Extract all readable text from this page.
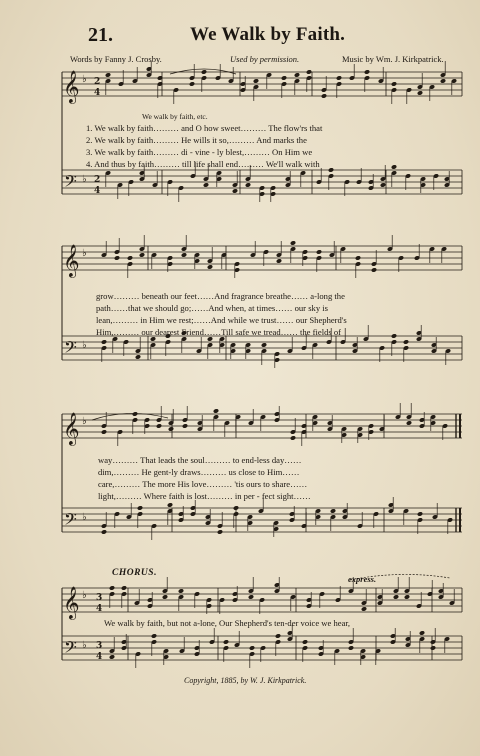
21.	We Walk by Faith.
Words by Fanny J. Crosby.	Used by permission.	Music by Wm. J. Kirkpatrick.
𝄞
𝄢
𝄞
𝄢
𝄞
𝄢
𝄞
𝄢
♭
♭
♭
♭
♭
♭
♭
♭
2
4
2
4
3
4
3
4
We walk by faith, etc.
1. We walk by faith……… and O how sweet……… The flow'rs that
2. We walk by faith……… He wills it so,……… And marks the
3. We walk by faith……… di - vine - ly blest,……… On Him we
4. And thus by faith……… till life shall end……… We'll walk with
grow……… beneath our feet……And fragrance breathe…… a-long the
path……that we should go;……And when, at times…… our sky is
lean,……… in Him we rest;……And while we trust…… our Shepherd's
Him,……… our dearest Friend……Till safe we tread…… the fields of
way……… That leads the soul……… to end-less day……
dim,……… He gent-ly draws……… us close to Him……
care,……… The more His love……… 'tis ours to share……
light,……… Where faith is lost……… in per - fect sight……
CHORUS.
express.
We walk by faith, but not a-lone, Our Shepherd's ten-der voice we hear,
Copyright, 1885, by W. J. Kirkpatrick.
